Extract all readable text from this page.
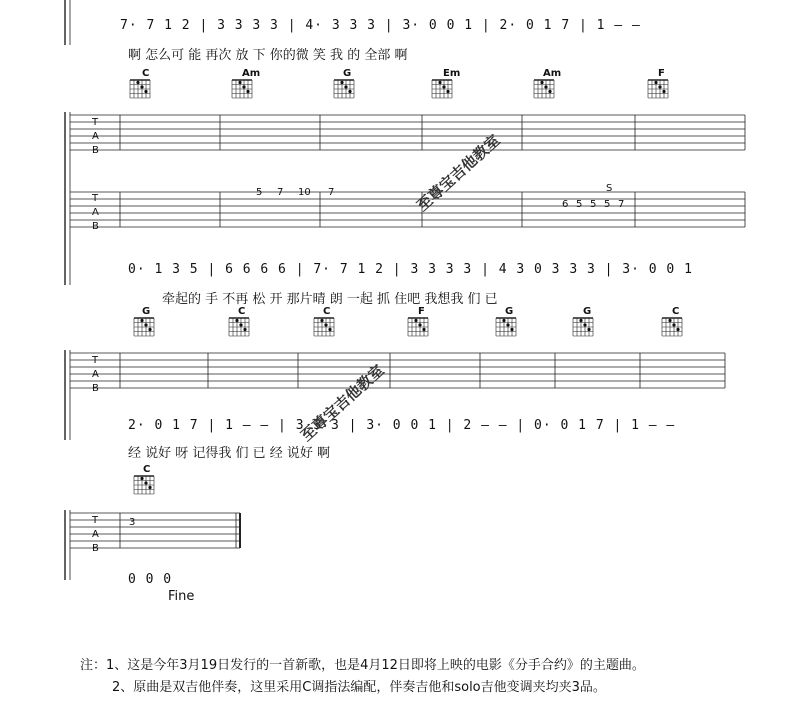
7· 7 1 2 | 3 3 3 3 | 4· 3 3 3 | 3· 0 0 1 | 2· 0 1 7 | 1 — —
啊 怎么可 能 再次 放 下 你的微 笑 我 的 全部 啊
C	Am	G	Em	Am	F
T
A
B
T
A
B
5 7 10 7
6 5 5 5
S
7
0· 1 3 5 | 6 6 6 6 | 7· 7 1 2 | 3 3 3 3 | 4 3 0 3 3 3 | 3· 0 0 1
牵起的 手 不再 松 开 那片晴 朗 一起 抓 住吧 我想我 们 已
G	C	C	F	G	G	C
T
A
B
2· 0 1 7 | 1 — — | 3 3 3 | 3· 0 0 1 | 2 — — | 0· 0 1 7 | 1 — —
经 说好 呀 记得我 们 已 经 说好 啊
C
T
A
B
3
0 0 0
Fine
至尊宝吉他教室
至尊宝吉他教室
注：1、这是今年3月19日发行的一首新歌，也是4月12日即将上映的电影《分手合约》的主题曲。
2、原曲是双吉他伴奏，这里采用C调指法编配，伴奏吉他和solo吉他变调夹均夹3品。
